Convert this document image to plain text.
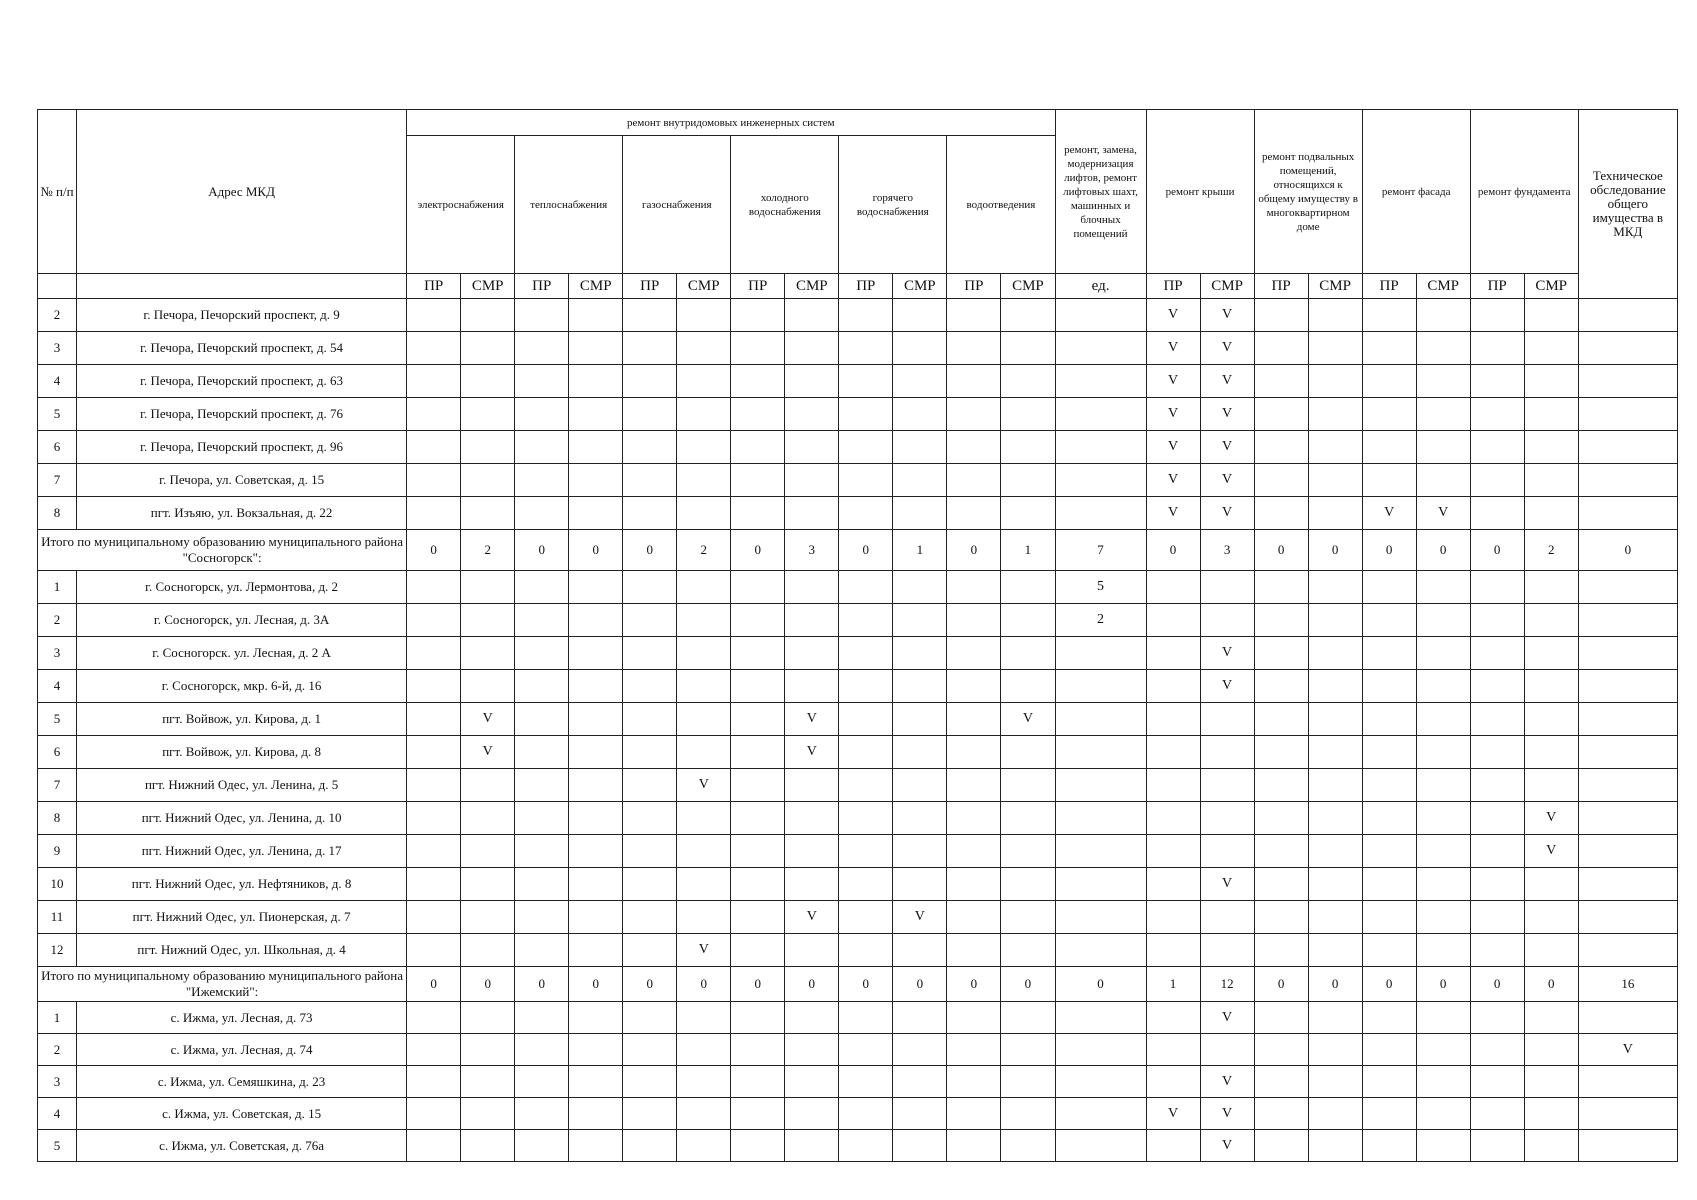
№ п/п	Адрес МКД	ремонт внутридомовых инженерных систем												ремонт, замена, модернизация лифтов, ремонт лифтовых шахт, машинных и блочных помещений	ремонт крыши		ремонт подвальных помещений, относящихся к общему имуществу в многоквартирном доме		ремонт фасада		ремонт фундамента		Техническое обследование общего имущества в МКД

		электроснабжения		теплоснабжения		газоснабжения		холодного водоснабжения		горячего водоснабжения		водоотведения											

		ПР	СМР	ПР	СМР	ПР	СМР	ПР	СМР	ПР	СМР	ПР	СМР	ед.	ПР	СМР	ПР	СМР	ПР	СМР	ПР	СМР	
2	г. Печора, Печорский проспект, д. 9														V	V							
3	г. Печора, Печорский проспект, д. 54														V	V							
4	г. Печора, Печорский проспект, д. 63														V	V							
5	г. Печора, Печорский проспект, д. 76														V	V							
6	г. Печора, Печорский проспект, д. 96														V	V							
7	г. Печора, ул. Советская, д. 15														V	V							
8	пгт. Изъяю, ул. Вокзальная, д. 22														V	V			V	V			
Итого по муниципальному образованию муниципального района "Сосногорск":		0	2	0	0	0	2	0	3	0	1	0	1	7	0	3	0	0	0	0	0	2	0
1	г. Сосногорск, ул. Лермонтова, д. 2													5									
2	г. Сосногорск, ул. Лесная, д. 3А													2									
3	г. Сосногорск. ул. Лесная, д. 2 А															V							
4	г. Сосногорск, мкр. 6-й, д. 16															V							
5	пгт. Войвож, ул. Кирова, д. 1		V						V				V										
6	пгт. Войвож, ул. Кирова, д. 8		V						V														
7	пгт. Нижний Одес, ул. Ленина, д. 5						V																
8	пгт. Нижний Одес, ул. Ленина, д. 10																					V	
9	пгт. Нижний Одес, ул. Ленина, д. 17																					V	
10	пгт. Нижний Одес, ул. Нефтяников, д. 8															V							
11	пгт. Нижний Одес, ул. Пионерская, д. 7								V		V												
12	пгт. Нижний Одес, ул. Школьная, д. 4						V																
Итого по муниципальному образованию муниципального района "Ижемский":		0	0	0	0	0	0	0	0	0	0	0	0	0	1	12	0	0	0	0	0	0	16
1	с. Ижма, ул. Лесная, д. 73															V							
2	с. Ижма, ул. Лесная, д. 74																						V
3	с. Ижма, ул. Семяшкина, д. 23															V							
4	с. Ижма, ул. Советская, д. 15														V	V							
5	с. Ижма, ул. Советская, д. 76а															V							
